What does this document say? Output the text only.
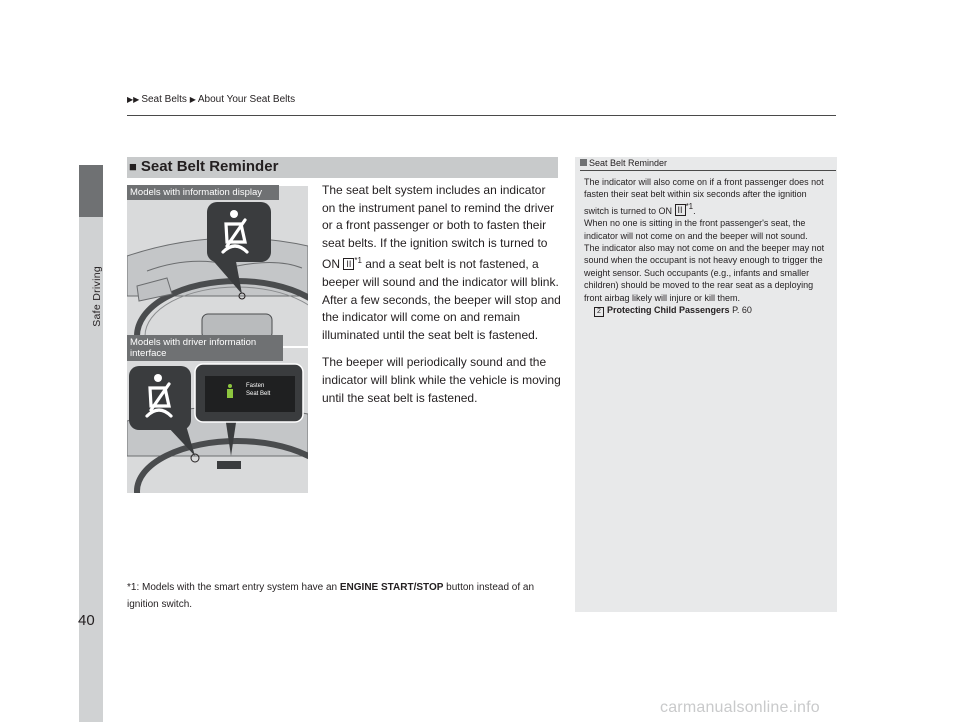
Safe Driving
▶▶ Seat Belts ▶ About Your Seat Belts
■ Seat Belt Reminder
Fasten
Seat Belt
Models with information display
Models with driver information interface

The seat belt system includes an indicator on the instrument panel to remind the driver or a front passenger or both to fasten their seat belts. If the ignition switch is turned to ON II $^{*1}$ and a seat belt is not fastened, a beeper will sound and the indicator will blink. After a few seconds, the beeper will stop and the indicator will come on and remain illuminated until the seat belt is fastened.

The beeper will periodically sound and the indicator will blink while the vehicle is moving until the seat belt is fastened.

Seat Belt Reminder

The indicator will also come on if a front passenger does not fasten their seat belt within six seconds after the ignition switch is turned to ON II *1.

When no one is sitting in the front passenger's seat, the indicator will not come on and the beeper will not sound.

The indicator also may not come on and the beeper may not sound when the occupant is not heavy enough to trigger the weight sensor. Such occupants (e.g., infants and smaller children) should be moved to the rear seat as a deploying front airbag likely will injure or kill them.

2 Protecting Child Passengers P. 60

*1: Models with the smart entry system have an ENGINE START/STOP button instead of an ignition switch.
40
carmanualsonline.info
